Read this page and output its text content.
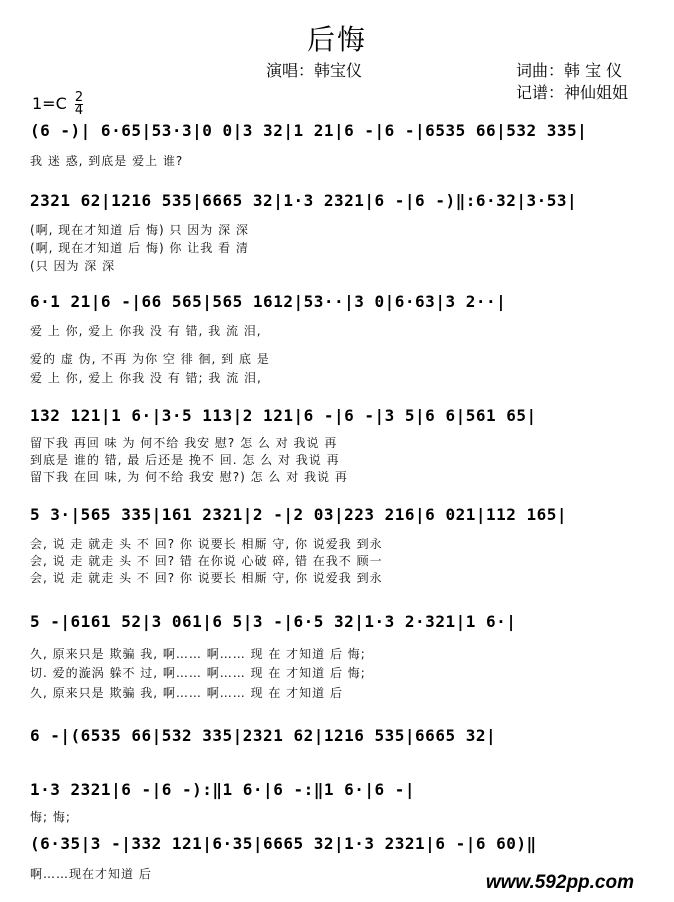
后悔
演唱：韩宝仪	词曲：韩 宝 仪
记谱：神仙姐姐
$1=C \frac{2}{4}$
(6 -)| 6·65|53·3|0 0|3 32|1 21|6 -|6 -|6535 66|532 335|
我 迷 惑, 到底是 爱上 谁?
2321 62|1216 535|6665 32|1·3 2321|6 -|6 -)‖:6·32|3·53|
(啊, 现在才知道 后 悔) 只 因为 深 深
(啊, 现在才知道 后 悔) 你 让我 看 清
(只 因为 深 深
6·1 21|6 -|66 565|565 1612|53··|3 0|6·63|3 2··|
爱 上 你, 爱上 你我 没 有 错, 我 流 泪,
爱的 虚 伪, 不再 为你 空 徘 徊, 到 底 是
爱 上 你, 爱上 你我 没 有 错; 我 流 泪,
132 121|1 6·|3·5 113|2 121|6 -|6 -|3 5|6 6|561 65|
留下我 再回 味 为 何不给 我安 慰? 怎 么 对 我说 再
到底是 谁的 错, 最 后还是 挽不 回. 怎 么 对 我说 再
留下我 在回 味, 为 何不给 我安 慰?) 怎 么 对 我说 再
5 3·|565 335|161 2321|2 -|2 03|223 216|6 021|112 165|
会, 说 走 就走 头 不 回? 你 说要长 相厮 守, 你 说爱我 到永
会, 说 走 就走 头 不 回? 错 在你说 心破 碎, 错 在我不 顾一
会, 说 走 就走 头 不 回? 你 说要长 相厮 守, 你 说爱我 到永
5 -|6161 52|3 061|6 5|3 -|6·5 32|1·3 2·321|1 6·|
久, 原来只是 欺骗 我, 啊…… 啊…… 现 在 才知道 后 悔;
切. 爱的漩涡 躲不 过, 啊…… 啊…… 现 在 才知道 后 悔;
久, 原来只是 欺骗 我, 啊…… 啊…… 现 在 才知道 后
6 -|(6535 66|532 335|2321 62|1216 535|6665 32|
1·3 2321|6 -|6 -):‖1 6·|6 -:‖1 6·|6 -|
悔; 悔;
(6·35|3 -|332 121|6·35|6665 32|1·3 2321|6 -|6 60)‖
啊……现在才知道 后	www.592pp.com
